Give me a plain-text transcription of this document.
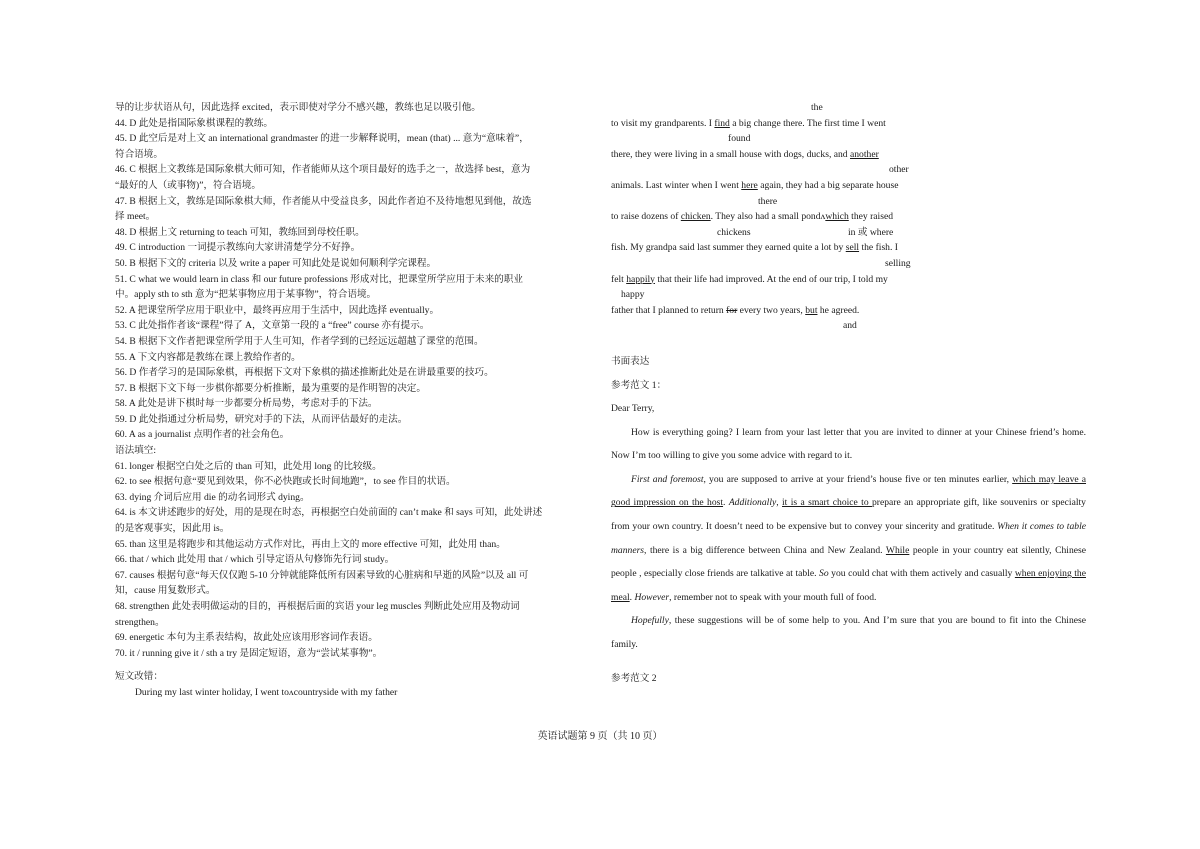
导的让步状语从句，因此选择 excited，表示即使对学分不感兴趣，教练也足以吸引他。

44. D 此处是指国际象棋课程的教练。

45. D 此空后是对上文 an international grandmaster 的进一步解释说明，mean (that) ... 意为“意味着”，

符合语境。

46. C 根据上文教练是国际象棋大师可知，作者能师从这个项目最好的选手之一，故选择 best，意为

“最好的人（或事物)”，符合语境。

47. B 根据上文，教练是国际象棋大师，作者能从中受益良多，因此作者迫不及待地想见到他，故选

择 meet。

48. D 根据上文 returning to teach 可知，教练回到母校任职。

49. C introduction 一词提示教练向大家讲清楚学分不好挣。

50. B 根据下文的 criteria 以及 write a paper 可知此处是说如何顺利学完课程。

51. C what we would learn in class 和 our future professions 形成对比，把课堂所学应用于未来的职业

中。apply sth to sth 意为“把某事物应用于某事物”，符合语境。

52. A 把课堂所学应用于职业中，最终再应用于生活中，因此选择 eventually。

53. C 此处指作者该“课程”得了 A，文章第一段的 a “free” course 亦有提示。

54. B 根据下文作者把课堂所学用于人生可知，作者学到的已经远远超越了课堂的范围。

55. A 下文内容都是教练在课上教给作者的。

56. D 作者学习的是国际象棋，再根据下文对下象棋的描述推断此处是在讲最重要的技巧。

57. B 根据下文下每一步棋你都要分析推断，最为重要的是作明智的决定。

58. A 此处是讲下棋时每一步都要分析局势，考虑对手的下法。

59. D 此处指通过分析局势，研究对手的下法，从而评估最好的走法。

60. A as a journalist 点明作者的社会角色。

语法填空:

61. longer 根据空白处之后的 than 可知，此处用 long 的比较级。

62. to see 根据句意“要见到效果，你不必快跑或长时间地跑”，to see 作目的状语。

63. dying 介词后应用 die 的动名词形式 dying。

64. is 本文讲述跑步的好处，用的是现在时态，再根据空白处前面的 can’t make 和 says 可知，此处讲述

的是客观事实，因此用 is。

65. than 这里是将跑步和其他运动方式作对比，再由上文的 more effective 可知，此处用 than。

66. that / which 此处用 that / which 引导定语从句修饰先行词 study。

67. causes 根据句意“每天仅仅跑 5-10 分钟就能降低所有因素导致的心脏病和早逝的风险”以及 all 可

知，cause 用复数形式。

68. strengthen 此处表明做运动的目的，再根据后面的宾语 your leg muscles 判断此处应用及物动词

strengthen。

69. energetic 本句为主系表结构，故此处应该用形容词作表语。

70. it / running give it / sth a try 是固定短语，意为“尝试某事物”。

短文改错：

During my last winter holiday, I went toʌcountryside with my father

the

to visit my grandparents. I find a big change there. The first time I went

found

there, they were living in a small house with dogs, ducks, and another

other

animals. Last winter when I went here again, they had a big separate house

there

to raise dozens of chicken. They also had a small pondʌwhich they raised

chickens	in 或 where

fish. My grandpa said last summer they earned quite a lot by sell the fish. I

selling

felt happily that their life had improved. At the end of our trip, I told my

happy

father that I planned to return for every two years, but he agreed.

and

书面表达

参考范文 1：

Dear Terry,

How is everything going? I learn from your last letter that you are invited to dinner at your Chinese friend’s home. Now I’m too willing to give you some advice with regard to it.

First and foremost, you are supposed to arrive at your friend’s house five or ten minutes earlier, which may leave a good impression on the host. Additionally, it is a smart choice to prepare an appropriate gift, like souvenirs or specialty from your own country. It doesn’t need to be expensive but to convey your sincerity and gratitude. When it comes to table manners, there is a big difference between China and New Zealand. While people in your country eat silently, Chinese people , especially close friends are talkative at table. So you could chat with them actively and casually when enjoying the meal. However, remember not to speak with your mouth full of food.

Hopefully, these suggestions will be of some help to you. And I’m sure that you are bound to fit into the Chinese family.

参考范文 2

英语试题第 9 页（共 10 页）
